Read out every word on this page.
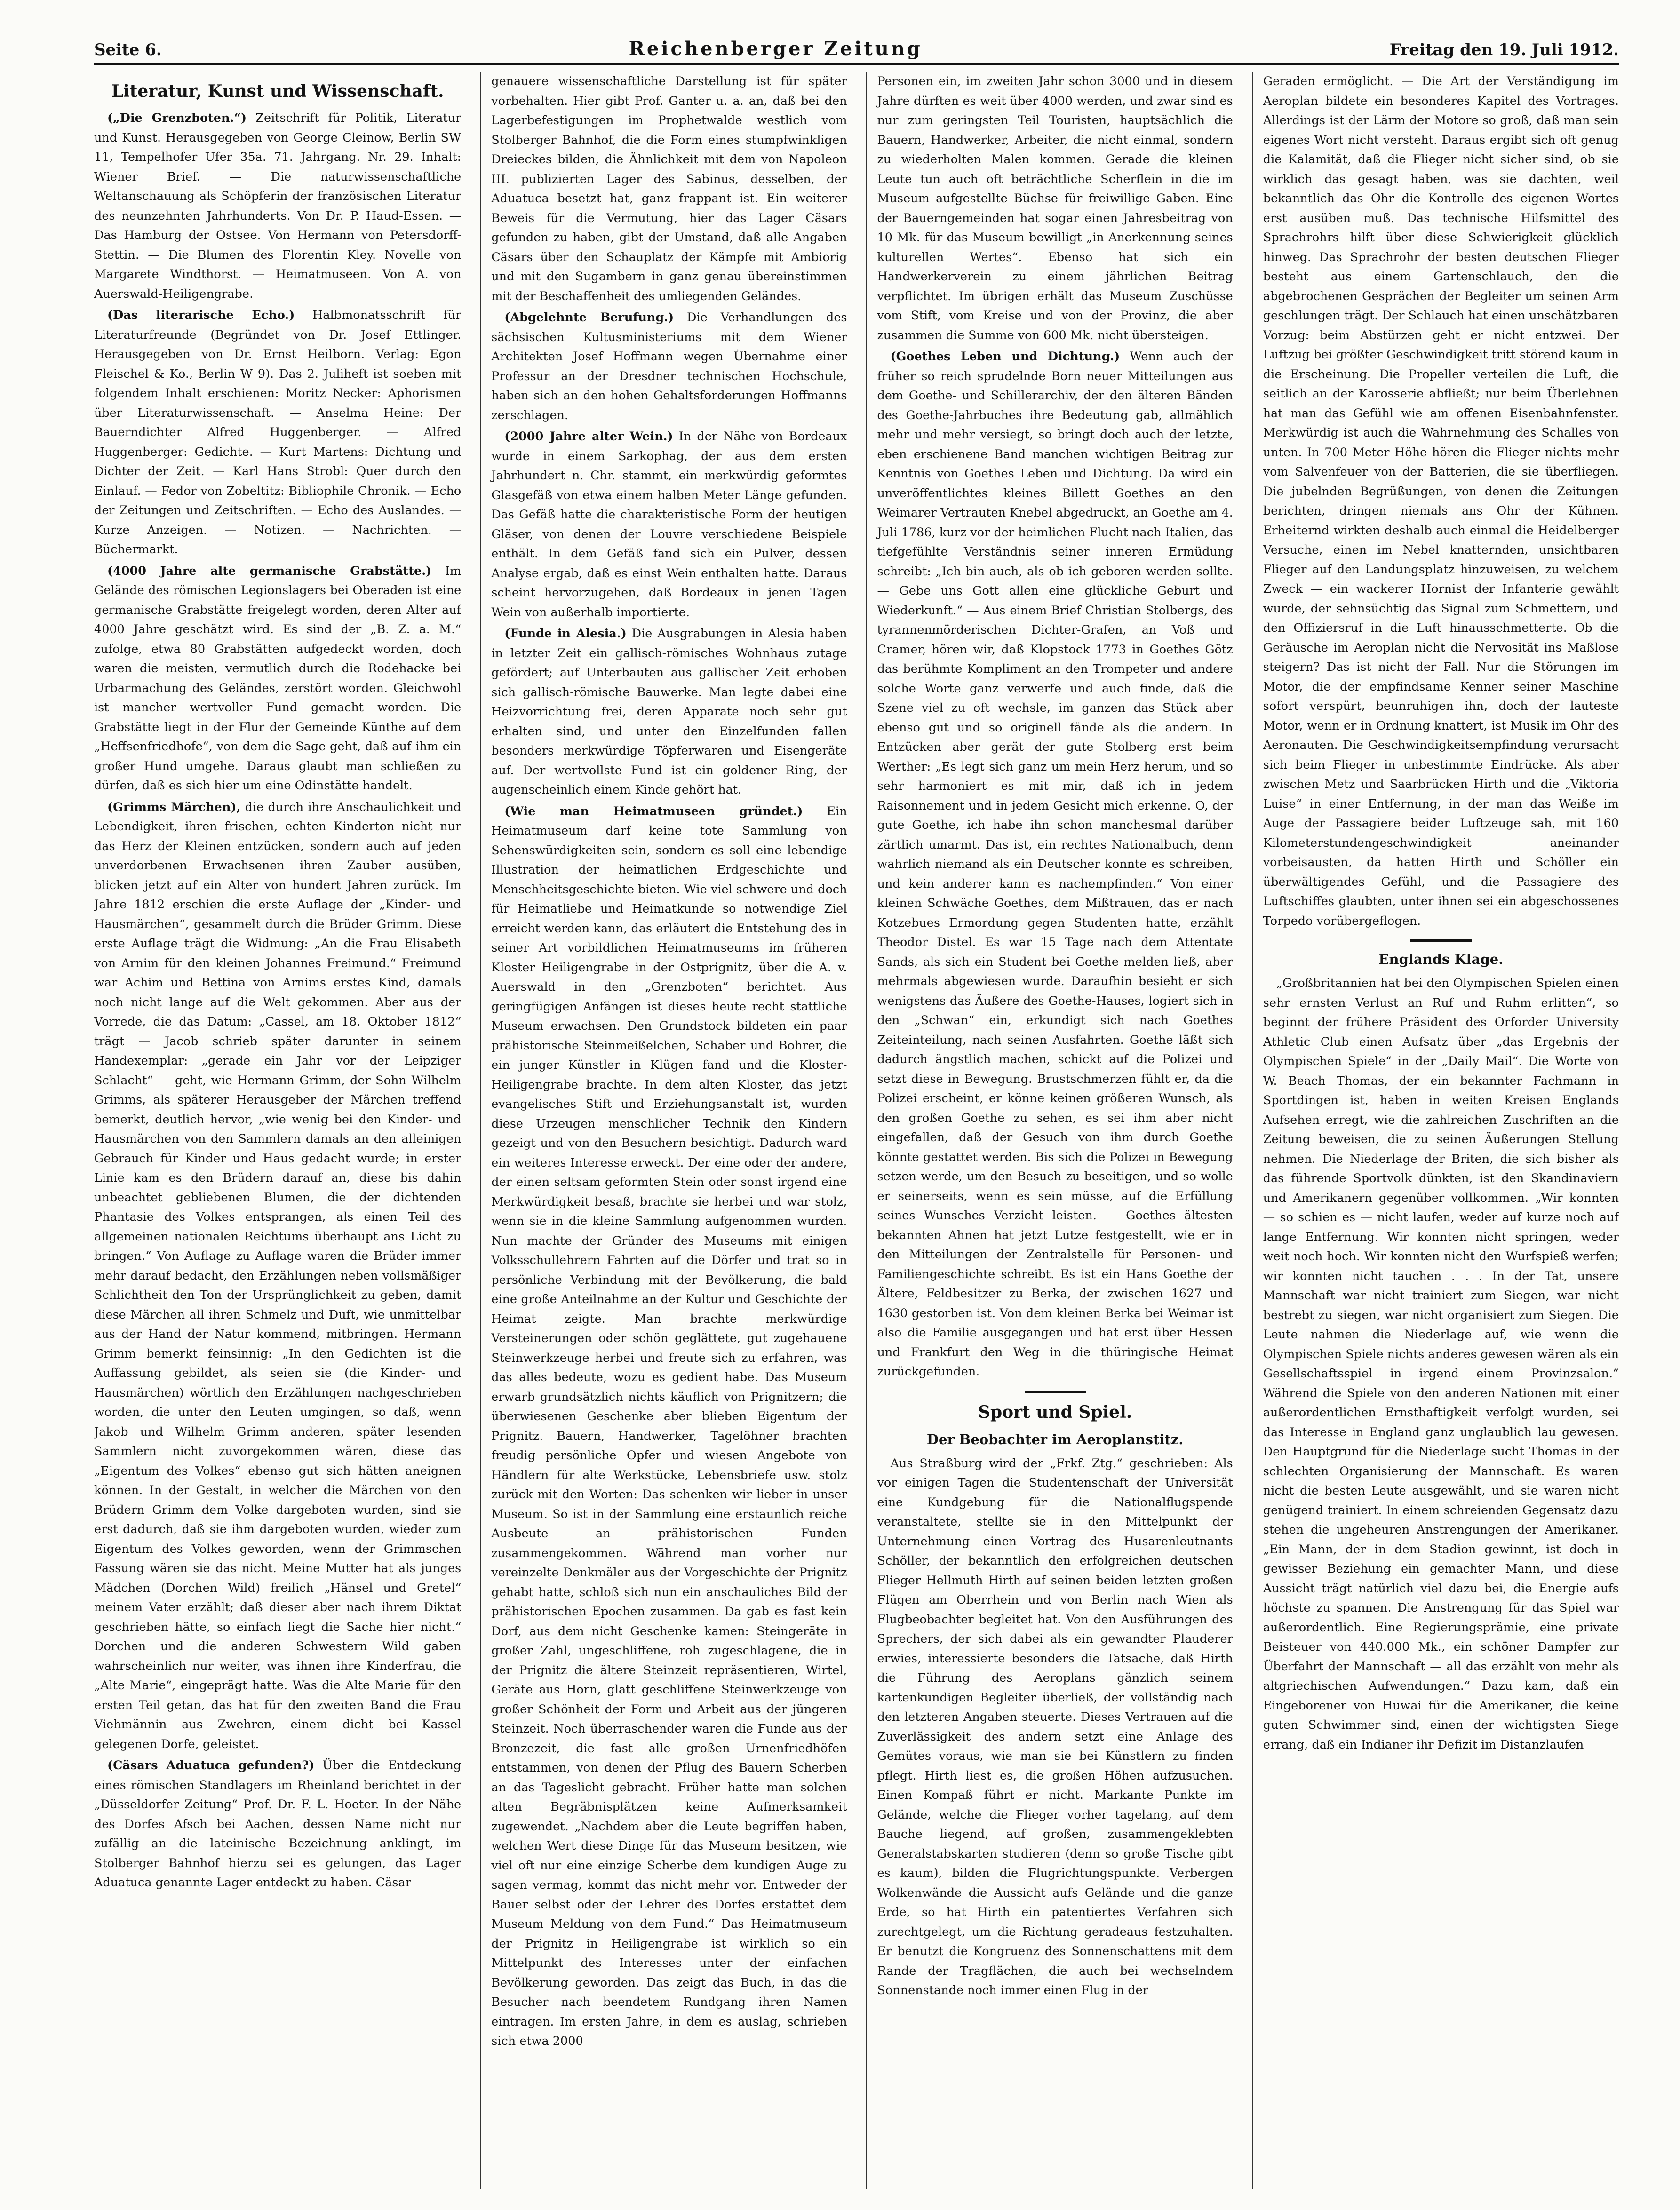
Seite 6.	Reichenberger Zeitung	Freitag den 19. Juli 1912.
Literatur, Kunst und Wissenschaft.

(„Die Grenzboten.“) Zeitschrift für Politik, Literatur und Kunst. Herausgegeben von George Cleinow, Berlin SW 11, Tempelhofer Ufer 35a. 71. Jahrgang. Nr. 29. Inhalt: Wiener Brief. — Die naturwissenschaftliche Weltanschauung als Schöpferin der französischen Literatur des neunzehnten Jahrhunderts. Von Dr. P. Haud-Essen. — Das Hamburg der Ostsee. Von Hermann von Petersdorff-Stettin. — Die Blumen des Florentin Kley. Novelle von Margarete Windthorst. — Heimatmuseen. Von A. von Auerswald-Heiligengrabe.

(Das literarische Echo.) Halbmonatsschrift für Literaturfreunde (Begründet von Dr. Josef Ettlinger. Herausgegeben von Dr. Ernst Heilborn. Verlag: Egon Fleischel & Ko., Berlin W 9). Das 2. Juliheft ist soeben mit folgendem Inhalt erschienen: Moritz Necker: Aphorismen über Literaturwissenschaft. — Anselma Heine: Der Bauerndichter Alfred Huggenberger. — Alfred Huggenberger: Gedichte. — Kurt Martens: Dichtung und Dichter der Zeit. — Karl Hans Strobl: Quer durch den Einlauf. — Fedor von Zobeltitz: Bibliophile Chronik. — Echo der Zeitungen und Zeitschriften. — Echo des Auslandes. — Kurze Anzeigen. — Notizen. — Nachrichten. — Büchermarkt.

(4000 Jahre alte germanische Grabstätte.) Im Gelände des römischen Legionslagers bei Oberaden ist eine germanische Grabstätte freigelegt worden, deren Alter auf 4000 Jahre geschätzt wird. Es sind der „B. Z. a. M.“ zufolge, etwa 80 Grabstätten aufgedeckt worden, doch waren die meisten, vermutlich durch die Rodehacke bei Urbarmachung des Geländes, zerstört worden. Gleichwohl ist mancher wertvoller Fund gemacht worden. Die Grabstätte liegt in der Flur der Gemeinde Künthe auf dem „Heffsenfriedhofe“, von dem die Sage geht, daß auf ihm ein großer Hund umgehe. Daraus glaubt man schließen zu dürfen, daß es sich hier um eine Odinstätte handelt.

(Grimms Märchen), die durch ihre Anschaulichkeit und Lebendigkeit, ihren frischen, echten Kinderton nicht nur das Herz der Kleinen entzücken, sondern auch auf jeden unverdorbenen Erwachsenen ihren Zauber ausüben, blicken jetzt auf ein Alter von hundert Jahren zurück. Im Jahre 1812 erschien die erste Auflage der „Kinder- und Hausmärchen“, gesammelt durch die Brüder Grimm. Diese erste Auflage trägt die Widmung: „An die Frau Elisabeth von Arnim für den kleinen Johannes Freimund.“ Freimund war Achim und Bettina von Arnims erstes Kind, damals noch nicht lange auf die Welt gekommen. Aber aus der Vorrede, die das Datum: „Cassel, am 18. Oktober 1812“ trägt — Jacob schrieb später darunter in seinem Handexemplar: „gerade ein Jahr vor der Leipziger Schlacht“ — geht, wie Hermann Grimm, der Sohn Wilhelm Grimms, als späterer Herausgeber der Märchen treffend bemerkt, deutlich hervor, „wie wenig bei den Kinder- und Hausmärchen von den Sammlern damals an den alleinigen Gebrauch für Kinder und Haus gedacht wurde; in erster Linie kam es den Brüdern darauf an, diese bis dahin unbeachtet gebliebenen Blumen, die der dichtenden Phantasie des Volkes entsprangen, als einen Teil des allgemeinen nationalen Reichtums überhaupt ans Licht zu bringen.“ Von Auflage zu Auflage waren die Brüder immer mehr darauf bedacht, den Erzählungen neben vollsmäßiger Schlichtheit den Ton der Ursprünglichkeit zu geben, damit diese Märchen all ihren Schmelz und Duft, wie unmittelbar aus der Hand der Natur kommend, mitbringen. Hermann Grimm bemerkt feinsinnig: „In den Gedichten ist die Auffassung gebildet, als seien sie (die Kinder- und Hausmärchen) wörtlich den Erzählungen nachgeschrieben worden, die unter den Leuten umgingen, so daß, wenn Jakob und Wilhelm Grimm anderen, später lesenden Sammlern nicht zuvorgekommen wären, diese das „Eigentum des Volkes“ ebenso gut sich hätten aneignen können. In der Gestalt, in welcher die Märchen von den Brüdern Grimm dem Volke dargeboten wurden, sind sie erst dadurch, daß sie ihm dargeboten wurden, wieder zum Eigentum des Volkes geworden, wenn der Grimmschen Fassung wären sie das nicht. Meine Mutter hat als junges Mädchen (Dorchen Wild) freilich „Hänsel und Gretel“ meinem Vater erzählt; daß dieser aber nach ihrem Diktat geschrieben hätte, so einfach liegt die Sache hier nicht.“ Dorchen und die anderen Schwestern Wild gaben wahrscheinlich nur weiter, was ihnen ihre Kinderfrau, die „Alte Marie“, eingeprägt hatte. Was die Alte Marie für den ersten Teil getan, das hat für den zweiten Band die Frau Viehmännin aus Zwehren, einem dicht bei Kassel gelegenen Dorfe, geleistet.

(Cäsars Aduatuca gefunden?) Über die Entdeckung eines römischen Standlagers im Rheinland berichtet in der „Düsseldorfer Zeitung“ Prof. Dr. F. L. Hoeter. In der Nähe des Dorfes Afsch bei Aachen, dessen Name nicht nur zufällig an die lateinische Bezeichnung anklingt, im Stolberger Bahnhof hierzu sei es gelungen, das Lager Aduatuca genannte Lager entdeckt zu haben. Cäsar

genauere wissenschaftliche Darstellung ist für später vorbehalten. Hier gibt Prof. Ganter u. a. an, daß bei den Lagerbefestigungen im Prophetwalde westlich vom Stolberger Bahnhof, die die Form eines stumpfwinkligen Dreieckes bilden, die Ähnlichkeit mit dem von Napoleon III. publizierten Lager des Sabinus, desselben, der Aduatuca besetzt hat, ganz frappant ist. Ein weiterer Beweis für die Vermutung, hier das Lager Cäsars gefunden zu haben, gibt der Umstand, daß alle Angaben Cäsars über den Schauplatz der Kämpfe mit Ambiorig und mit den Sugambern in ganz genau übereinstimmen mit der Beschaffenheit des umliegenden Geländes.

(Abgelehnte Berufung.) Die Verhandlungen des sächsischen Kultusministeriums mit dem Wiener Architekten Josef Hoffmann wegen Übernahme einer Professur an der Dresdner technischen Hochschule, haben sich an den hohen Gehaltsforderungen Hoffmanns zerschlagen.

(2000 Jahre alter Wein.) In der Nähe von Bordeaux wurde in einem Sarkophag, der aus dem ersten Jahrhundert n. Chr. stammt, ein merkwürdig geformtes Glasgefäß von etwa einem halben Meter Länge gefunden. Das Gefäß hatte die charakteristische Form der heutigen Gläser, von denen der Louvre verschiedene Beispiele enthält. In dem Gefäß fand sich ein Pulver, dessen Analyse ergab, daß es einst Wein enthalten hatte. Daraus scheint hervorzugehen, daß Bordeaux in jenen Tagen Wein von außerhalb importierte.

(Funde in Alesia.) Die Ausgrabungen in Alesia haben in letzter Zeit ein gallisch-römisches Wohnhaus zutage gefördert; auf Unterbauten aus gallischer Zeit erhoben sich gallisch-römische Bauwerke. Man legte dabei eine Heizvorrichtung frei, deren Apparate noch sehr gut erhalten sind, und unter den Einzelfunden fallen besonders merkwürdige Töpferwaren und Eisengeräte auf. Der wertvollste Fund ist ein goldener Ring, der augenscheinlich einem Kinde gehört hat.

(Wie man Heimatmuseen gründet.) Ein Heimatmuseum darf keine tote Sammlung von Sehenswürdigkeiten sein, sondern es soll eine lebendige Illustration der heimatlichen Erdgeschichte und Menschheitsgeschichte bieten. Wie viel schwere und doch für Heimatliebe und Heimatkunde so notwendige Ziel erreicht werden kann, das erläutert die Entstehung des in seiner Art vorbildlichen Heimatmuseums im früheren Kloster Heiligengrabe in der Ostprignitz, über die A. v. Auerswald in den „Grenzboten“ berichtet. Aus geringfügigen Anfängen ist dieses heute recht stattliche Museum erwachsen. Den Grundstock bildeten ein paar prähistorische Steinmeißelchen, Schaber und Bohrer, die ein junger Künstler in Klügen fand und die Kloster-Heiligengrabe brachte. In dem alten Kloster, das jetzt evangelisches Stift und Erziehungsanstalt ist, wurden diese Urzeugen menschlicher Technik den Kindern gezeigt und von den Besuchern besichtigt. Dadurch ward ein weiteres Interesse erweckt. Der eine oder der andere, der einen seltsam geformten Stein oder sonst irgend eine Merkwürdigkeit besaß, brachte sie herbei und war stolz, wenn sie in die kleine Sammlung aufgenommen wurden. Nun machte der Gründer des Museums mit einigen Volksschullehrern Fahrten auf die Dörfer und trat so in persönliche Verbindung mit der Bevölkerung, die bald eine große Anteilnahme an der Kultur und Geschichte der Heimat zeigte. Man brachte merkwürdige Versteinerungen oder schön geglättete, gut zugehauene Steinwerkzeuge herbei und freute sich zu erfahren, was das alles bedeute, wozu es gedient habe. Das Museum erwarb grundsätzlich nichts käuflich von Prignitzern; die überwiesenen Geschenke aber blieben Eigentum der Prignitz. Bauern, Handwerker, Tagelöhner brachten freudig persönliche Opfer und wiesen Angebote von Händlern für alte Werkstücke, Lebensbriefe usw. stolz zurück mit den Worten: Das schenken wir lieber in unser Museum. So ist in der Sammlung eine erstaunlich reiche Ausbeute an prähistorischen Funden zusammengekommen. Während man vorher nur vereinzelte Denkmäler aus der Vorgeschichte der Prignitz gehabt hatte, schloß sich nun ein anschauliches Bild der prähistorischen Epochen zusammen. Da gab es fast kein Dorf, aus dem nicht Geschenke kamen: Steingeräte in großer Zahl, ungeschliffene, roh zugeschlagene, die in der Prignitz die ältere Steinzeit repräsentieren, Wirtel, Geräte aus Horn, glatt geschliffene Steinwerkzeuge von großer Schönheit der Form und Arbeit aus der jüngeren Steinzeit. Noch überraschender waren die Funde aus der Bronzezeit, die fast alle großen Urnenfriedhöfen entstammen, von denen der Pflug des Bauern Scherben an das Tageslicht gebracht. Früher hatte man solchen alten Begräbnisplätzen keine Aufmerksamkeit zugewendet. „Nachdem aber die Leute begriffen haben, welchen Wert diese Dinge für das Museum besitzen, wie viel oft nur eine einzige Scherbe dem kundigen Auge zu sagen vermag, kommt das nicht mehr vor. Entweder der Bauer selbst oder der Lehrer des Dorfes erstattet dem Museum Meldung von dem Fund.“ Das Heimatmuseum der Prignitz in Heiligengrabe ist wirklich so ein Mittelpunkt des Interesses unter der einfachen Bevölkerung geworden. Das zeigt das Buch, in das die Besucher nach beendetem Rundgang ihren Namen eintragen. Im ersten Jahre, in dem es ausla​g, schrieben sich etwa 2000

Personen ein, im zweiten Jahr schon 3000 und in diesem Jahre dürften es weit über 4000 werden, und zwar sind es nur zum geringsten Teil Touristen, hauptsächlich die Bauern, Handwerker, Arbeiter, die nicht einmal, sondern zu wiederholten Malen kommen. Gerade die kleinen Leute tun auch oft beträchtliche Scherflein in die im Museum aufgestellte Büchse für freiwillige Gaben. Eine der Bauerngemeinden hat sogar einen Jahresbeitrag von 10 Mk. für das Museum bewilligt „in Anerkennung seines kulturellen Wertes“. Ebenso hat sich ein Handwerkerverein zu einem jährlichen Beitrag verpflichtet. Im übrigen erhält das Museum Zuschüsse vom Stift, vom Kreise und von der Provinz, die aber zusammen die Summe von 600 Mk. nicht übersteigen.

(Goethes Leben und Dichtung.) Wenn auch der früher so reich sprudelnde Born neuer Mitteilungen aus dem Goethe- und Schillerarchiv, der den älteren Bänden des Goethe-Jahrbuches ihre Bedeutung gab, allmählich mehr und mehr versiegt, so bringt doch auch der letzte, eben erschienene Band manchen wichtigen Beitrag zur Kenntnis von Goethes Leben und Dichtung. Da wird ein unveröffentlichtes kleines Billett Goethes an den Weimarer Vertrauten Knebel abgedruckt, an Goethe am 4. Juli 1786, kurz vor der heimlichen Flucht nach Italien, das tiefgefühlte Verständnis seiner inneren Ermüdung schreibt: „Ich bin auch, als ob ich geboren werden sollte. — Gebe uns Gott allen eine glückliche Geburt und Wiederkunft.“ — Aus einem Brief Christian Stolbergs, des tyrannenmörderischen Dichter-Grafen, an Voß und Cramer, hören wir, daß Klopstock 1773 in Goethes Götz das berühmte Kompliment an den Trompeter und andere solche Worte ganz verwerfe und auch finde, daß die Szene viel zu oft wechsle, im ganzen das Stück aber ebenso gut und so originell fände als die andern. In Entzücken aber gerät der gute Stolberg erst beim Werther: „Es legt sich ganz um mein Herz herum, und so sehr harmoniert es mit mir, daß ich in jedem Raisonnement und in jedem Gesicht mich erkenne. O, der gute Goethe, ich habe ihn schon manchesmal darüber zärtlich umarmt. Das ist, ein rechtes Nationalbuch, denn wahrlich niemand als ein Deutscher konnte es schreiben, und kein anderer kann es nachempfinden.“ Von einer kleinen Schwäche Goethes, dem Mißtrauen, das er nach Kotzebues Ermordung gegen Studenten hatte, erzählt Theodor Distel. Es war 15 Tage nach dem Attentate Sands, als sich ein Student bei Goethe melden ließ, aber mehrmals abgewiesen wurde. Daraufhin besieht er sich wenigstens das Äußere des Goethe-Hauses, logiert sich in den „Schwan“ ein, erkundigt sich nach Goethes Zeiteinteilung, nach seinen Ausfahrten. Goethe läßt sich dadurch ängstlich machen, schickt auf die Polizei und setzt diese in Bewegung. Brustschmerzen fühlt er, da die Polizei erscheint, er könne keinen größeren Wunsch, als den großen Goethe zu sehen, es sei ihm aber nicht eingefallen, daß der Gesuch von ihm durch Goethe könnte gestattet werden. Bis sich die Polizei in Bewegung setzen werde, um den Besuch zu beseitigen, und so wolle er seinerseits, wenn es sein müsse, auf die Erfüllung seines Wunsches Verzicht leisten. — Goethes ältesten bekannten Ahnen hat jetzt Lutze festgestellt, wie er in den Mitteilungen der Zentralstelle für Personen- und Familiengeschichte schreibt. Es ist ein Hans Goethe der Ältere, Feldbesitzer zu Berka, der zwischen 1627 und 1630 gestorben ist. Von dem kleinen Berka bei Weimar ist also die Familie ausgegangen und hat erst über Hessen und Frankfurt den Weg in die thüringische Heimat zurückgefunden.

Sport und Spiel.
Der Beobachter im Aeroplanstitz.

Aus Straßburg wird der „Frkf. Ztg.“ geschrieben: Als vor einigen Tagen die Studentenschaft der Universität eine Kundgebung für die Nationalflugspende veranstaltete, stellte sie in den Mittelpunkt der Unternehmung einen Vortrag des Husarenleutnants Schöller, der bekanntlich den erfolgreichen deutschen Flieger Hellmuth Hirth auf seinen beiden letzten großen Flügen am Oberrhein und von Berlin nach Wien als Flugbeobachter begleitet hat. Von den Ausführungen des Sprechers, der sich dabei als ein gewandter Plauderer erwies, interessierte besonders die Tatsache, daß Hirth die Führung des Aeroplans gänzlich seinem kartenkundigen Begleiter überließ, der vollständig nach den letzteren Angaben steuerte. Dieses Vertrauen auf die Zuverlässigkeit des andern setzt eine Anlage des Gemütes voraus, wie man sie bei Künstlern zu finden pflegt. Hirth liest es, die großen Höhen aufzusuchen. Einen Kompaß führt er nicht. Markante Punkte im Gelände, welche die Flieger vorher tagelang, auf dem Bauche liegend, auf großen, zusammengeklebten Generalstabskarten studieren (denn so große Tische gibt es kaum), bilden die Flugrichtungspunkte. Verbergen Wolkenwände die Aussicht aufs Gelände und die ganze Erde, so hat Hirth ein patentiertes Verfahren sich zurechtgelegt, um die Richtung geradeaus festzuhalten. Er benutzt die Kongruenz des Sonnenschattens mit dem Rande der Tragflächen, die auch bei wechselndem Sonnenstande noch immer einen Flug in der

Geraden ermöglicht. — Die Art der Verständigung im Aeroplan bildete ein besonderes Kapitel des Vortrages. Allerdings ist der Lärm der Motore so groß, daß man sein eigenes Wort nicht versteht. Daraus ergibt sich oft genug die Kalamität, daß die Flieger nicht sicher sind, ob sie wirklich das gesagt haben, was sie dachten, weil bekanntlich das Ohr die Kontrolle des eigenen Wortes erst ausüben muß. Das technische Hilfsmittel des Sprachrohrs hilft über diese Schwierigkeit glücklich hinweg. Das Sprachrohr der besten deutschen Flieger besteht aus einem Gartenschlauch, den die abgebrochenen Gesprächen der Begleiter um seinen Arm geschlungen trägt. Der Schlauch hat einen unschätzbaren Vorzug: beim Abstürzen geht er nicht entzwei. Der Luftzug bei größter Geschwindigkeit tritt störend kaum in die Erscheinung. Die Propeller verteilen die Luft, die seitlich an der Karosserie abfließt; nur beim Überlehnen hat man das Gefühl wie am offenen Eisenbahnfenster. Merkwürdig ist auch die Wahrnehmung des Schalles von unten. In 700 Meter Höhe hören die Flieger nichts mehr vom Salvenfeuer von der Batterien, die sie überfliegen. Die jubelnden Begrüßungen, von denen die Zeitungen berichten, dringen niemals ans Ohr der Kühnen. Erheiternd wirkten deshalb auch einmal die Heidelberger Versuche, einen im Nebel knatternden, unsichtbaren Flieger auf den Landungsplatz hinzuweisen, zu welchem Zweck — ein wackerer Hornist der Infanterie gewählt wurde, der sehnsüchtig das Signal zum Schmettern, und den Offiziersruf in die Luft hinausschmetterte. Ob die Geräusche im Aeroplan nicht die Nervosität ins Maßlose steigern? Das ist nicht der Fall. Nur die Störungen im Motor, die der empfindsame Kenner seiner Maschine sofort verspürt, beunruhigen ihn, doch der lauteste Motor, wenn er in Ordnung knattert, ist Musik im Ohr des Aeronauten. Die Geschwindigkeitsempfindung verursacht sich beim Flieger in unbestimmte Eindrücke. Als aber zwischen Metz und Saarbrücken Hirth und die „Viktoria Luise“ in einer Entfernung, in der man das Weiße im Auge der Passagiere beider Luftzeuge sah, mit 160 Kilometerstundengeschwindigkeit aneinander vorbeisausten, da hatten Hirth und Schöller ein überwältigendes Gefühl, und die Passagiere des Luftschiffes glaubten, unter ihnen sei ein abgeschossenes Torpedo vorübergeflogen.

Englands Klage.

„Großbritannien hat bei den Olympischen Spielen einen sehr ernsten Verlust an Ruf und Ruhm erlitten“, so beginnt der frühere Präsident des Orforder University Athletic Club einen Aufsatz über „das Ergebnis der Olympischen Spiele“ in der „Daily Mail“. Die Worte von W. Beach Thomas, der ein bekannter Fachmann in Sportdingen ist, haben in weiten Kreisen Englands Aufsehen erregt, wie die zahlreichen Zuschriften an die Zeitung beweisen, die zu seinen Äußerungen Stellung nehmen. Die Niederlage der Briten, die sich bisher als das führende Sportvolk dünkten, ist den Skandinaviern und Amerikanern gegenüber vollkommen. „Wir konnten — so schien es — nicht laufen, weder auf kurze noch auf lange Entfernung. Wir konnten nicht springen, weder weit noch hoch. Wir konnten nicht den Wurfspieß werfen; wir konnten nicht tauchen . . . In der Tat, unsere Mannschaft war nicht trainiert zum Siegen, war nicht bestrebt zu siegen, war nicht organisiert zum Siegen. Die Leute nahmen die Niederlage auf, wie wenn die Olympischen Spiele nichts anderes gewesen wären als ein Gesellschaftsspiel in irgend einem Provinzsalon.“ Während die Spiele von den anderen Nationen mit einer außerordentlichen Ernsthaftigkeit verfolgt wurden, sei das Interesse in England ganz unglaublich lau gewesen. Den Hauptgrund für die Niederlage sucht Thomas in der schlechten Organisierung der Mannschaft. Es waren nicht die besten Leute ausgewählt, und sie waren nicht genügend trainiert. In einem schreienden Gegensatz dazu stehen die ungeheuren Anstrengungen der Amerikaner. „Ein Mann, der in dem Stadion gewinnt, ist doch in gewisser Beziehung ein gemachter Mann, und diese Aussicht trägt natürlich viel dazu bei, die Energie aufs höchste zu spannen. Die Anstrengung für das Spiel war außerordentlich. Eine Regierungsprämie, eine private Beisteuer von 440.000 Mk., ein schöner Dampfer zur Überfahrt der Mannschaft — all das erzählt von mehr als altgriechischen Aufwendungen.“ Dazu kam, daß ein Eingeborener von Huwai für die Amerikaner, die keine guten Schwimmer sind, einen der wichtigsten Siege errang, daß ein Indianer ihr Defizit im Distanzlaufen
